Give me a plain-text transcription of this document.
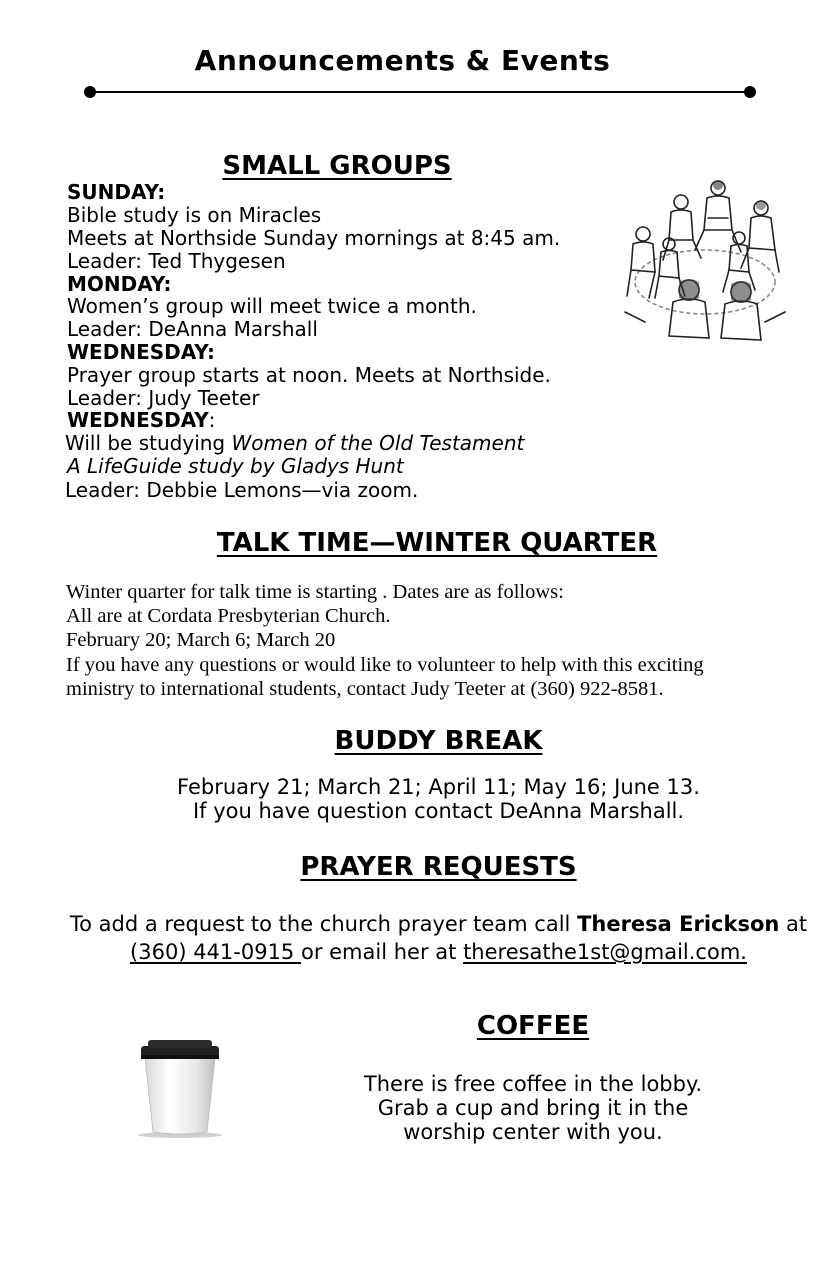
Announcements & Events
SMALL GROUPS
SUNDAY:
Bible study is on Miracles
Meets at Northside Sunday mornings at 8:45 am.
Leader: Ted Thygesen
MONDAY:
Women’s group will meet twice a month.
Leader: DeAnna Marshall
WEDNESDAY:
Prayer group starts at noon. Meets at Northside.
Leader: Judy Teeter
WEDNESDAY:
Will be studying Women of the Old Testament
A LifeGuide study by Gladys Hunt
Leader: Debbie Lemons—via zoom.
TALK TIME—WINTER QUARTER
Winter quarter for talk time is starting . Dates are as follows:
All are at Cordata Presbyterian Church.
February 20; March 6; March 20
If you have any questions or would like to volunteer to help with this exciting
ministry to international students, contact Judy Teeter at (360) 922-8581.
BUDDY BREAK
February 21; March 21; April 11; May 16; June 13.
If you have question contact DeAnna Marshall.
PRAYER REQUESTS
To add a request to the church prayer team call Theresa Erickson at
(360) 441-0915 or email her at theresathe1st@gmail.com.
COFFEE
There is free coffee in the lobby.
Grab a cup and bring it in the
worship center with you.
